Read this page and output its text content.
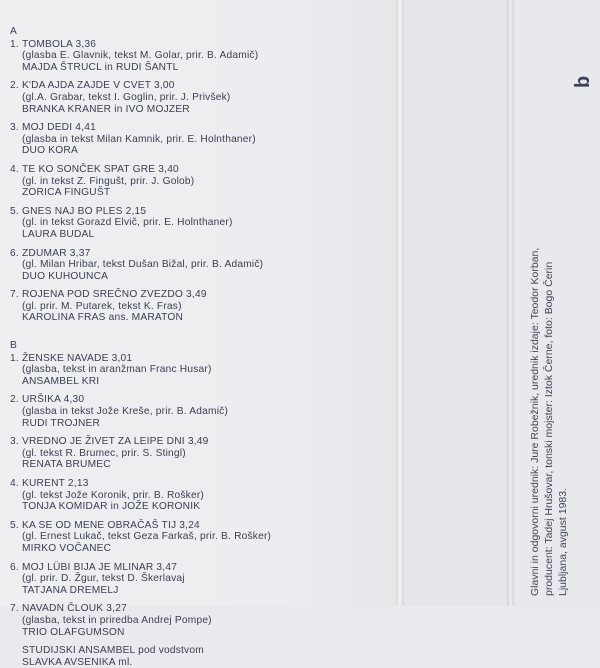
b
Glavni in odgovorni urednik: Jure Robežnik, urednik izdaje: Teodor Korban, producent: Tadej Hrušovar, tonski mojster: Iztok Černe, foto: Bogo Čerin Ljubljana, avgust 1983.
A
1. TOMBOLA 3,36
(glasba E. Glavnik, tekst M. Golar, prir. B. Adamič)
MAJDA ŠTRUCL in RUDI ŠANTL
2. K'DA AJDA ZAJDE V CVET 3,00
(gl.A. Grabar, tekst I. Goglin, prir. J. Privšek)
BRANKA KRANER in IVO MOJZER
3. MOJ DEDI 4,41
(glasba in tekst Milan Kamnik, prir. E. Holnthaner)
DUO KORA
4. TE KO SONČEK SPAT GRE 3,40
(gl. in tekst Z. Fingušt, prir. J. Golob)
ZORICA FINGUŠT
5. GNES NAJ BO PLES 2,15
(gl. in tekst Gorazd Elvič, prir. E. Holnthaner)
LAURA BUDAL
6. ZDUMAR 3,37
(gl. Milan Hribar, tekst Dušan Bižal, prir. B. Adamič)
DUO KUHOUNCA
7. ROJENA POD SREČNO ZVEZDO 3,49
(gl. prir. M. Putarek, tekst K. Fras)
KAROLINA FRAS ans. MARATON
B
1. ŽENSKE NAVADE 3,01
(glasba, tekst in aranžman Franc Husar)
ANSAMBEL KRI
2. URŠIKA 4,30
(glasba in tekst Jože Kreše, prir. B. Adamič)
RUDI TROJNER
3. VREDNO JE ŽIVET ZA LEIPE DNI 3,49
(gl. tekst R. Brumec, prir. S. Stingl)
RENATA BRUMEC
4. KURENT 2,13
(gl. tekst Jože Koronik, prir. B. Rošker)
TONJA KOMIDAR in JOŽE KORONIK
5. KA SE OD MENE OBRAČAŠ TIJ 3,24
(gl. Ernest Lukač, tekst Geza Farkaš, prir. B. Rošker)
MIRKO VOČANEC
6. MOJ LÜBI BIJA JE MLINAR 3,47
(gl. prir. D. Žgur, tekst D. Škerlavaj
TATJANA DREMELJ
7. NAVADN ČLOUK 3,27
(glasba, tekst in priredba Andrej Pompe)
TRIO OLAFGUMSON
STUDIJSKI ANSAMBEL pod vodstvom
SLAVKA AVSENIKA ml.
